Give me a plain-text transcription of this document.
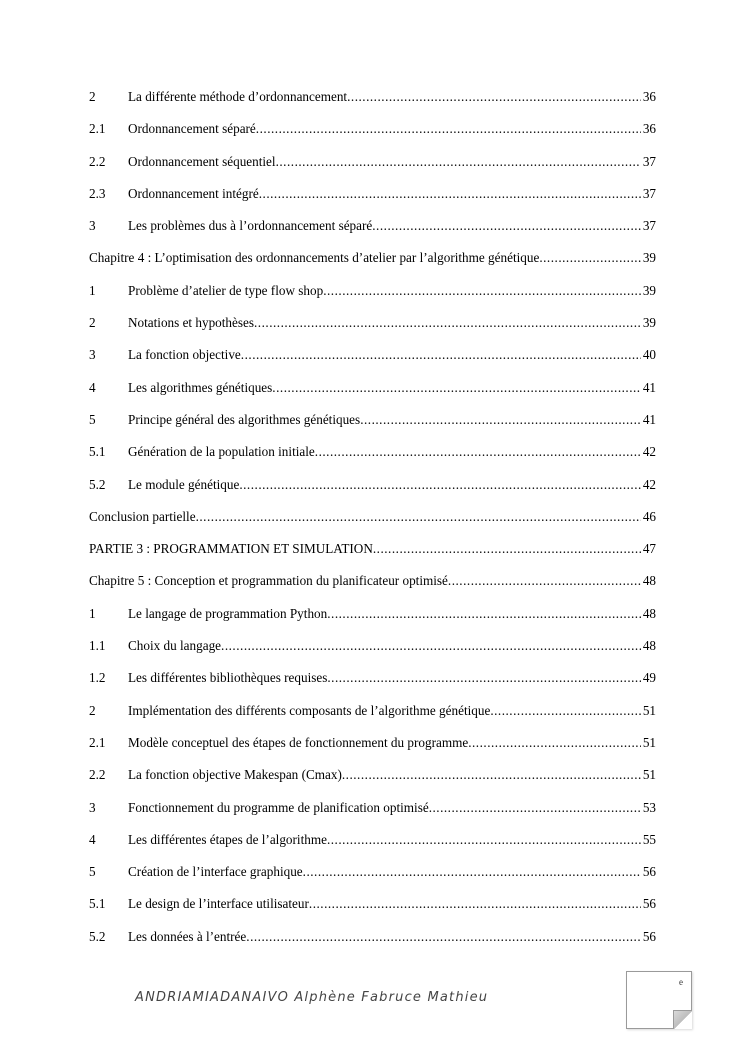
2	La différente méthode d’ordonnancement .....	36
2.1	Ordonnancement séparé .....	36
2.2	Ordonnancement séquentiel .....	37
2.3	Ordonnancement intégré .....	37
3	Les problèmes dus à l’ordonnancement séparé .....	37
Chapitre 4 : L’optimisation des ordonnancements d’atelier par l’algorithme génétique .....	39
1	Problème d’atelier de type flow shop .....	39
2	Notations et hypothèses .....	39
3	La fonction objective .....	40
4	Les algorithmes génétiques .....	41
5	Principe général des algorithmes génétiques .....	41
5.1	Génération de la population initiale .....	42
5.2	Le module génétique .....	42
Conclusion partielle .....	46
PARTIE 3 : PROGRAMMATION ET SIMULATION .....	47
Chapitre 5 : Conception et programmation du planificateur optimisé .....	48
1	Le langage de programmation Python .....	48
1.1	Choix du langage .....	48
1.2	Les différentes bibliothèques requises .....	49
2	Implémentation des différents composants de l’algorithme génétique .....	51
2.1	Modèle conceptuel des étapes de fonctionnement du programme .....	51
2.2	La fonction objective Makespan (Cmax) .....	51
3	Fonctionnement du programme de planification optimisé .....	53
4	Les différentes étapes de l’algorithme .....	55
5	Création de l’interface graphique .....	56
5.1	Le design de l’interface utilisateur .....	56
5.2	Les données à l’entrée .....	56
ANDRIAMIADANAIVO Alphène Fabruce Mathieu
e
